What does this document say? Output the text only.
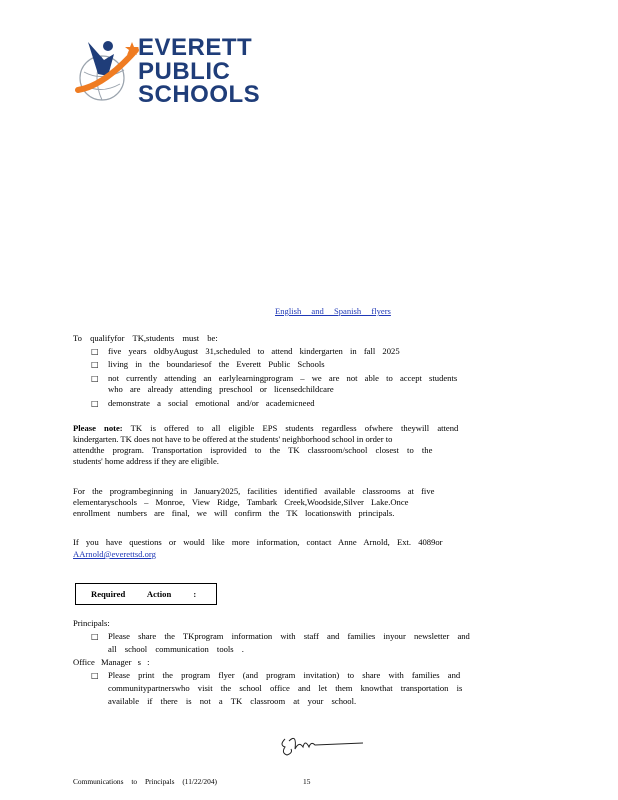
EVERETT
PUBLIC
SCHOOLS
English and Spanish flyers
To qualifyfor TK,students must be:
□ five years oldbyAugust 31,scheduled to attend kindergarten in fall 2025
□ living in the boundariesof the Everett Public Schools
□ not currently attending an earlylearningprogram – we are not able to accept students
who are already attending preschool or licensedchildcare
□ demonstrate a social emotional and/or academicneed
Please note: TK is offered to all eligible EPS students regardless ofwhere theywill attend
kindergarten. TK does not have to be offered at the students' neighborhood school in order to
attendthe program. Transportation isprovided to the TK classroom/school closest to the
students' home address if they are eligible.
For the programbeginning in January2025, facilities identified available classrooms at five
elementaryschools – Monroe, View Ridge, Tambark Creek,Woodside,Silver Lake.Once
enrollment numbers are final, we will confirm the TK locationswith principals.
If you have questions or would like more information, contact Anne Arnold, Ext. 4089or
AArnold@everettsd.org
Required Action :
Principals:
□ Please share the TKprogram information with staff and families inyour newsletter and
all school communication tools .
Office Manager s :
□ Please print the program flyer (and program invitation) to share with families and
communitypartnerswho visit the school office and let them knowthat transportation is
available if there is not a TK classroom at your school.
Communications to Principals (11/22/204)	15
